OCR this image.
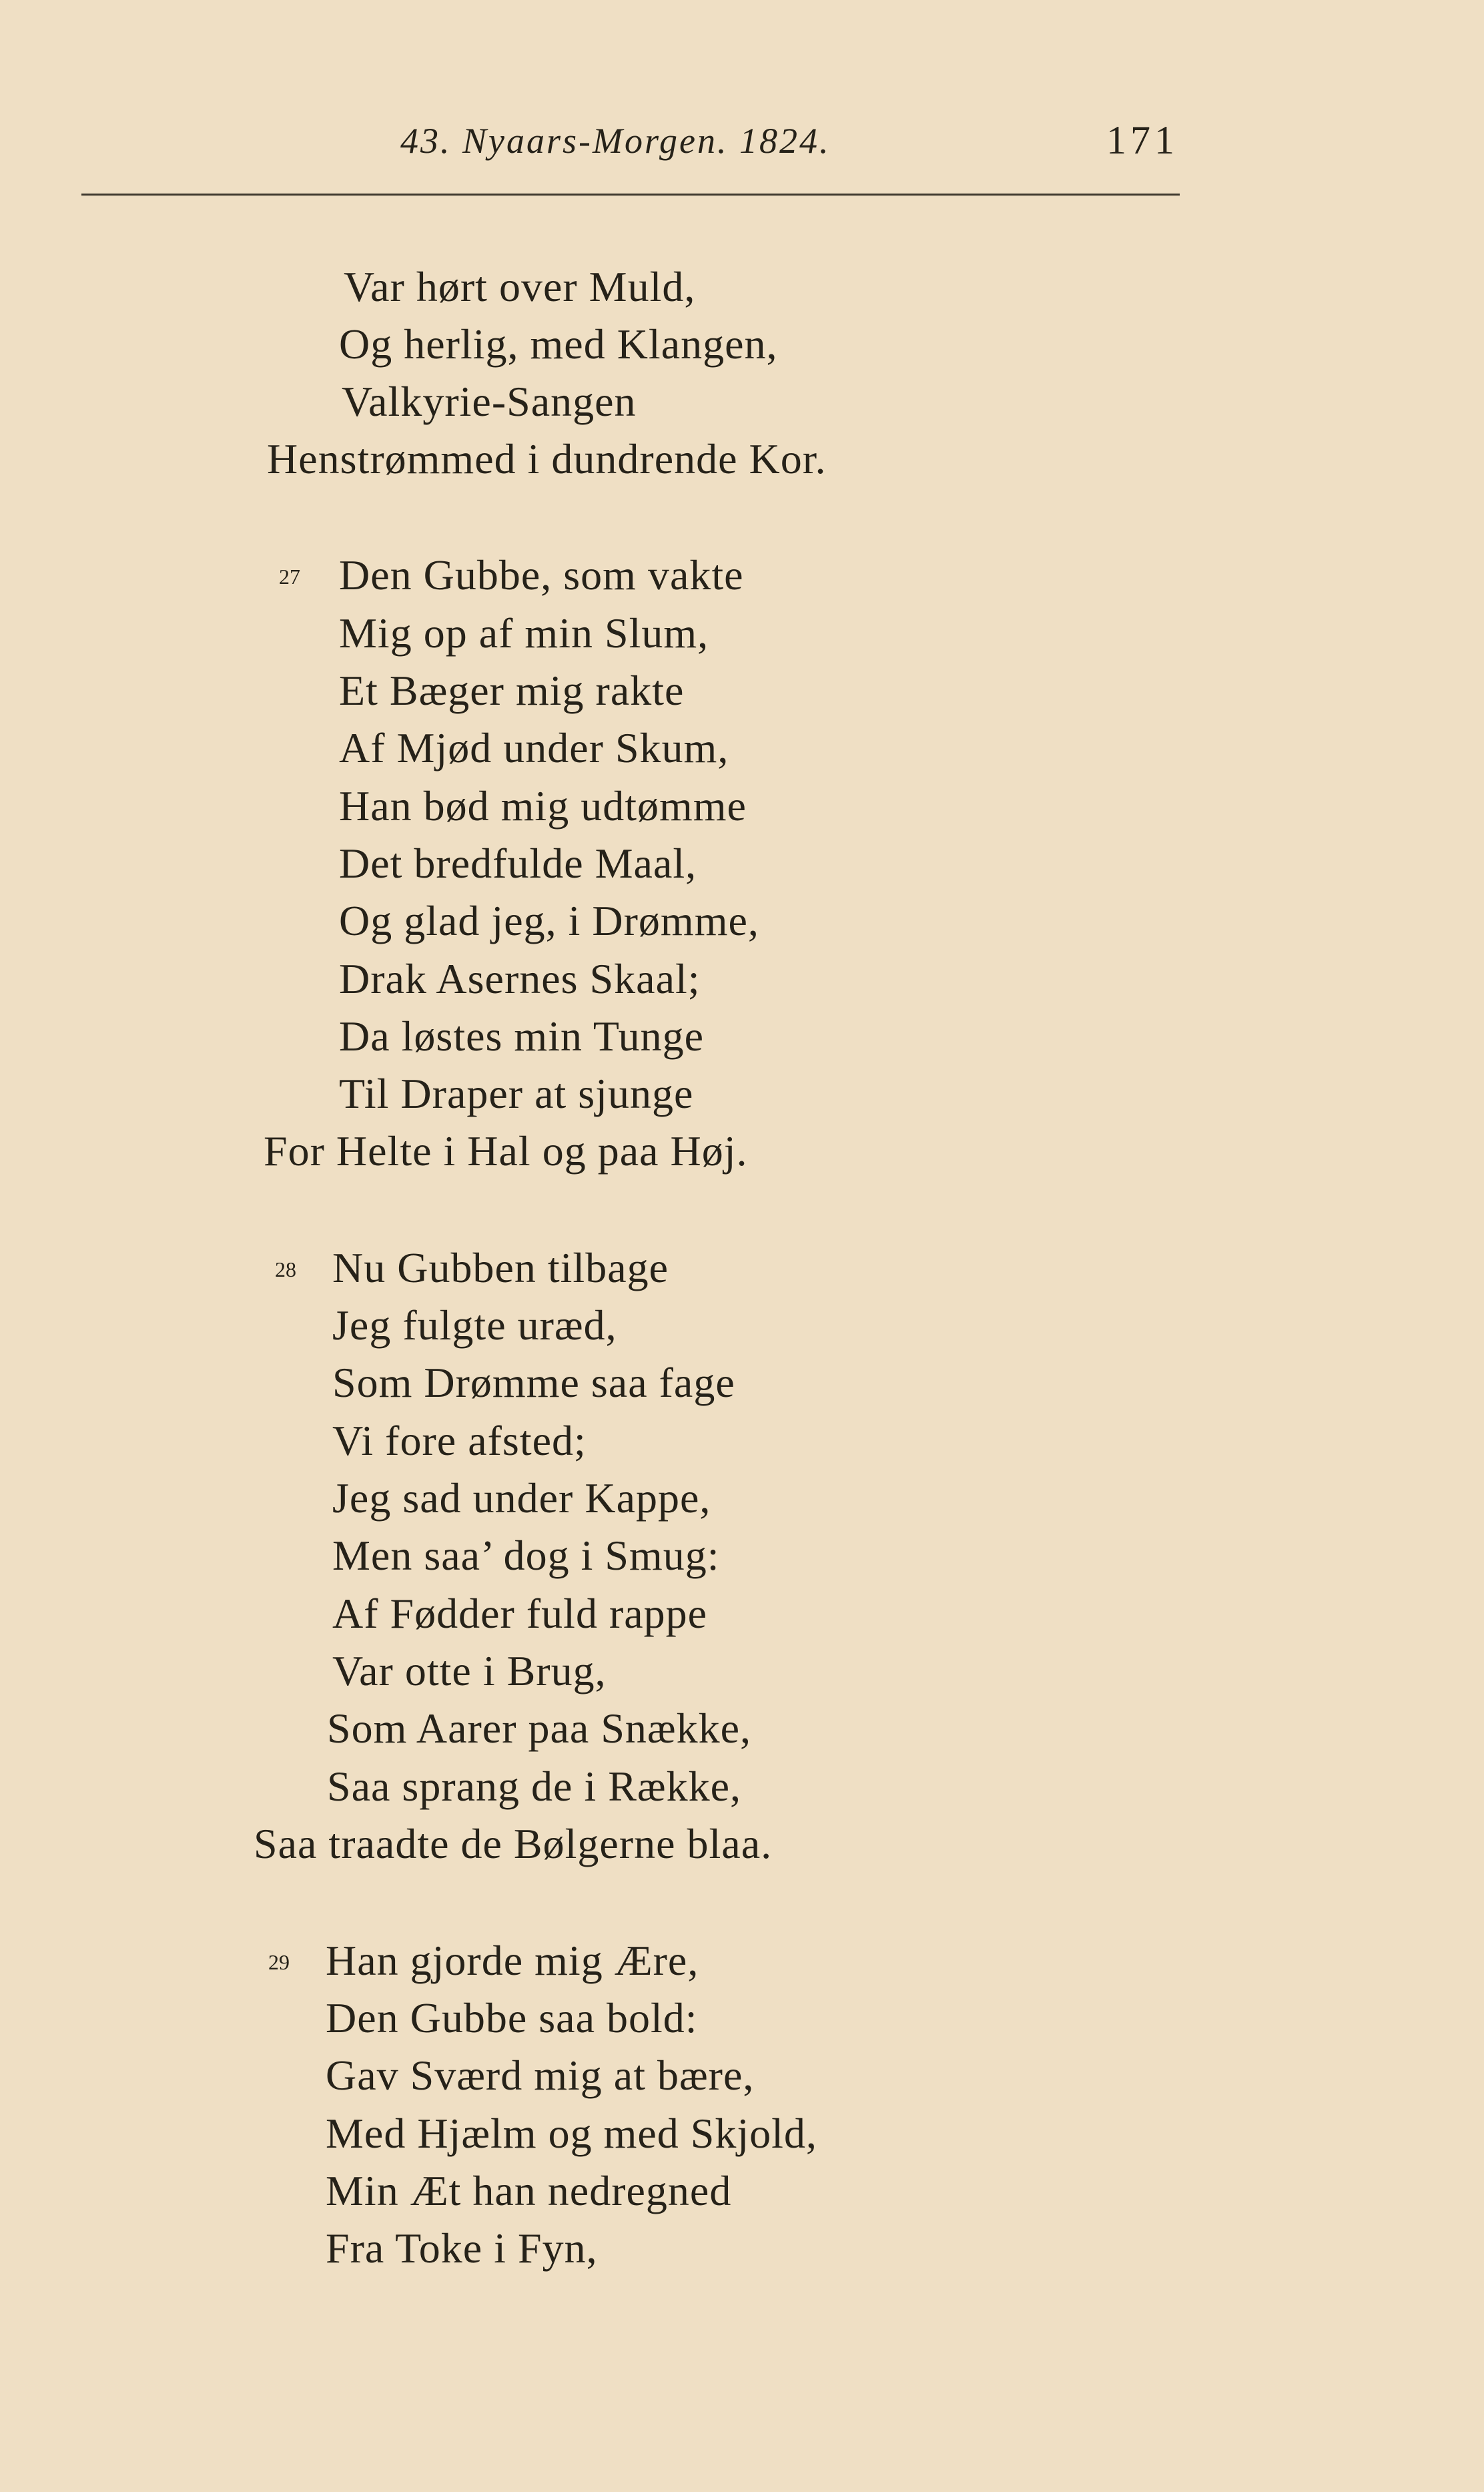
43. Nyaars-Morgen. 1824.	171
Var hørt over Muld,
Og herlig, med Klangen,
Valkyrie-Sangen
Henstrømmed i dundrende Kor.
27 Den Gubbe, som vakte
Mig op af min Slum,
Et Bæger mig rakte
Af Mjød under Skum,
Han bød mig udtømme
Det bredfulde Maal,
Og glad jeg, i Drømme,
Drak Asernes Skaal;
Da løstes min Tunge
Til Draper at sjunge
For Helte i Hal og paa Høj.
28 Nu Gubben tilbage
Jeg fulgte uræd,
Som Drømme saa fage
Vi fore afsted;
Jeg sad under Kappe,
Men saa’ dog i Smug:
Af Fødder fuld rappe
Var otte i Brug,
Som Aarer paa Snække,
Saa sprang de i Række,
Saa traadte de Bølgerne blaa.
29 Han gjorde mig Ære,
Den Gubbe saa bold:
Gav Sværd mig at bære,
Med Hjælm og med Skjold,
Min Æt han nedregned
Fra Toke i Fyn,
